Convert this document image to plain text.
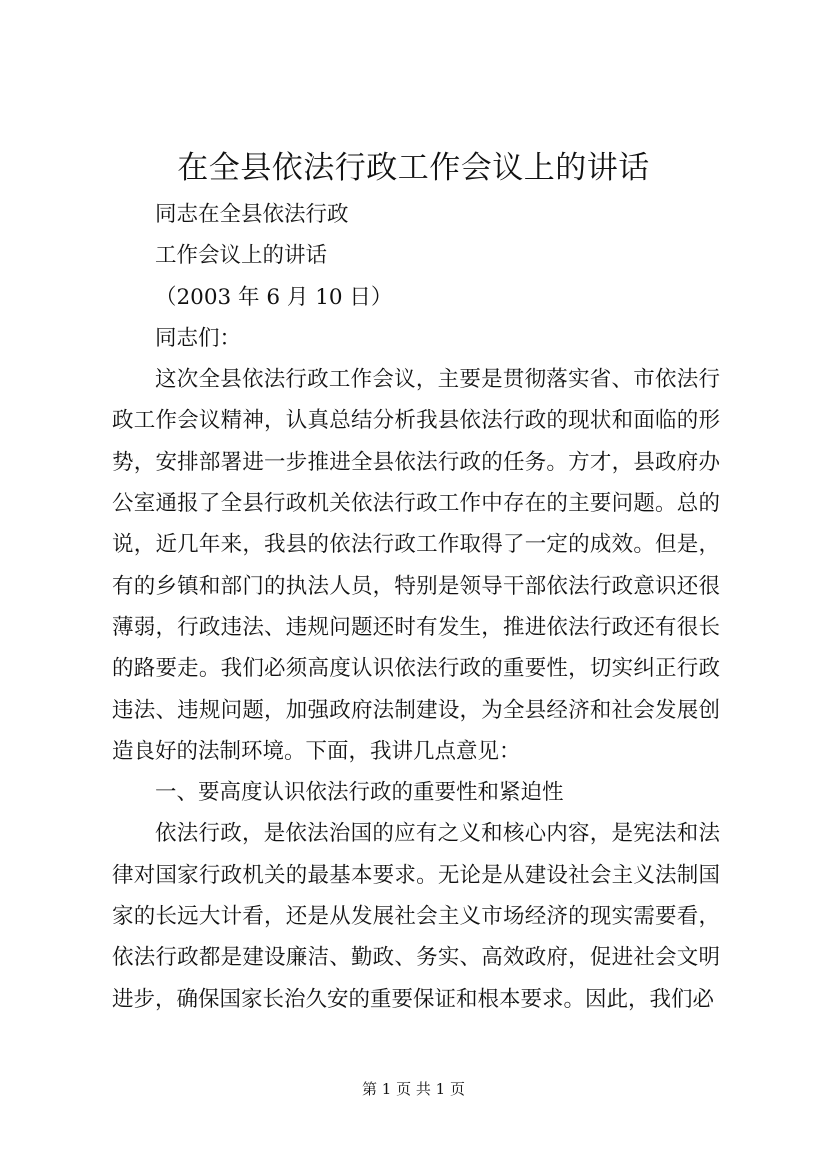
在全县依法行政工作会议上的讲话

同志在全县依法行政

工作会议上的讲话

（2003 年 6 月 10 日）

同志们：

这次全县依法行政工作会议，主要是贯彻落实省、市依法行政工作会议精神，认真总结分析我县依法行政的现状和面临的形势，安排部署进一步推进全县依法行政的任务。方才，县政府办公室通报了全县行政机关依法行政工作中存在的主要问题。总的说，近几年来，我县的依法行政工作取得了一定的成效。但是，有的乡镇和部门的执法人员，特别是领导干部依法行政意识还很薄弱，行政违法、违规问题还时有发生，推进依法行政还有很长的路要走。我们必须高度认识依法行政的重要性，切实纠正行政违法、违规问题，加强政府法制建设，为全县经济和社会发展创造良好的法制环境。下面，我讲几点意见：

一、要高度认识依法行政的重要性和紧迫性

依法行政，是依法治国的应有之义和核心内容，是宪法和法律对国家行政机关的最基本要求。无论是从建设社会主义法制国家的长远大计看，还是从发展社会主义市场经济的现实需要看，依法行政都是建设廉洁、勤政、务实、高效政府，促进社会文明进步，确保国家长治久安的重要保证和根本要求。因此，我们必

第 1 页 共 1 页
